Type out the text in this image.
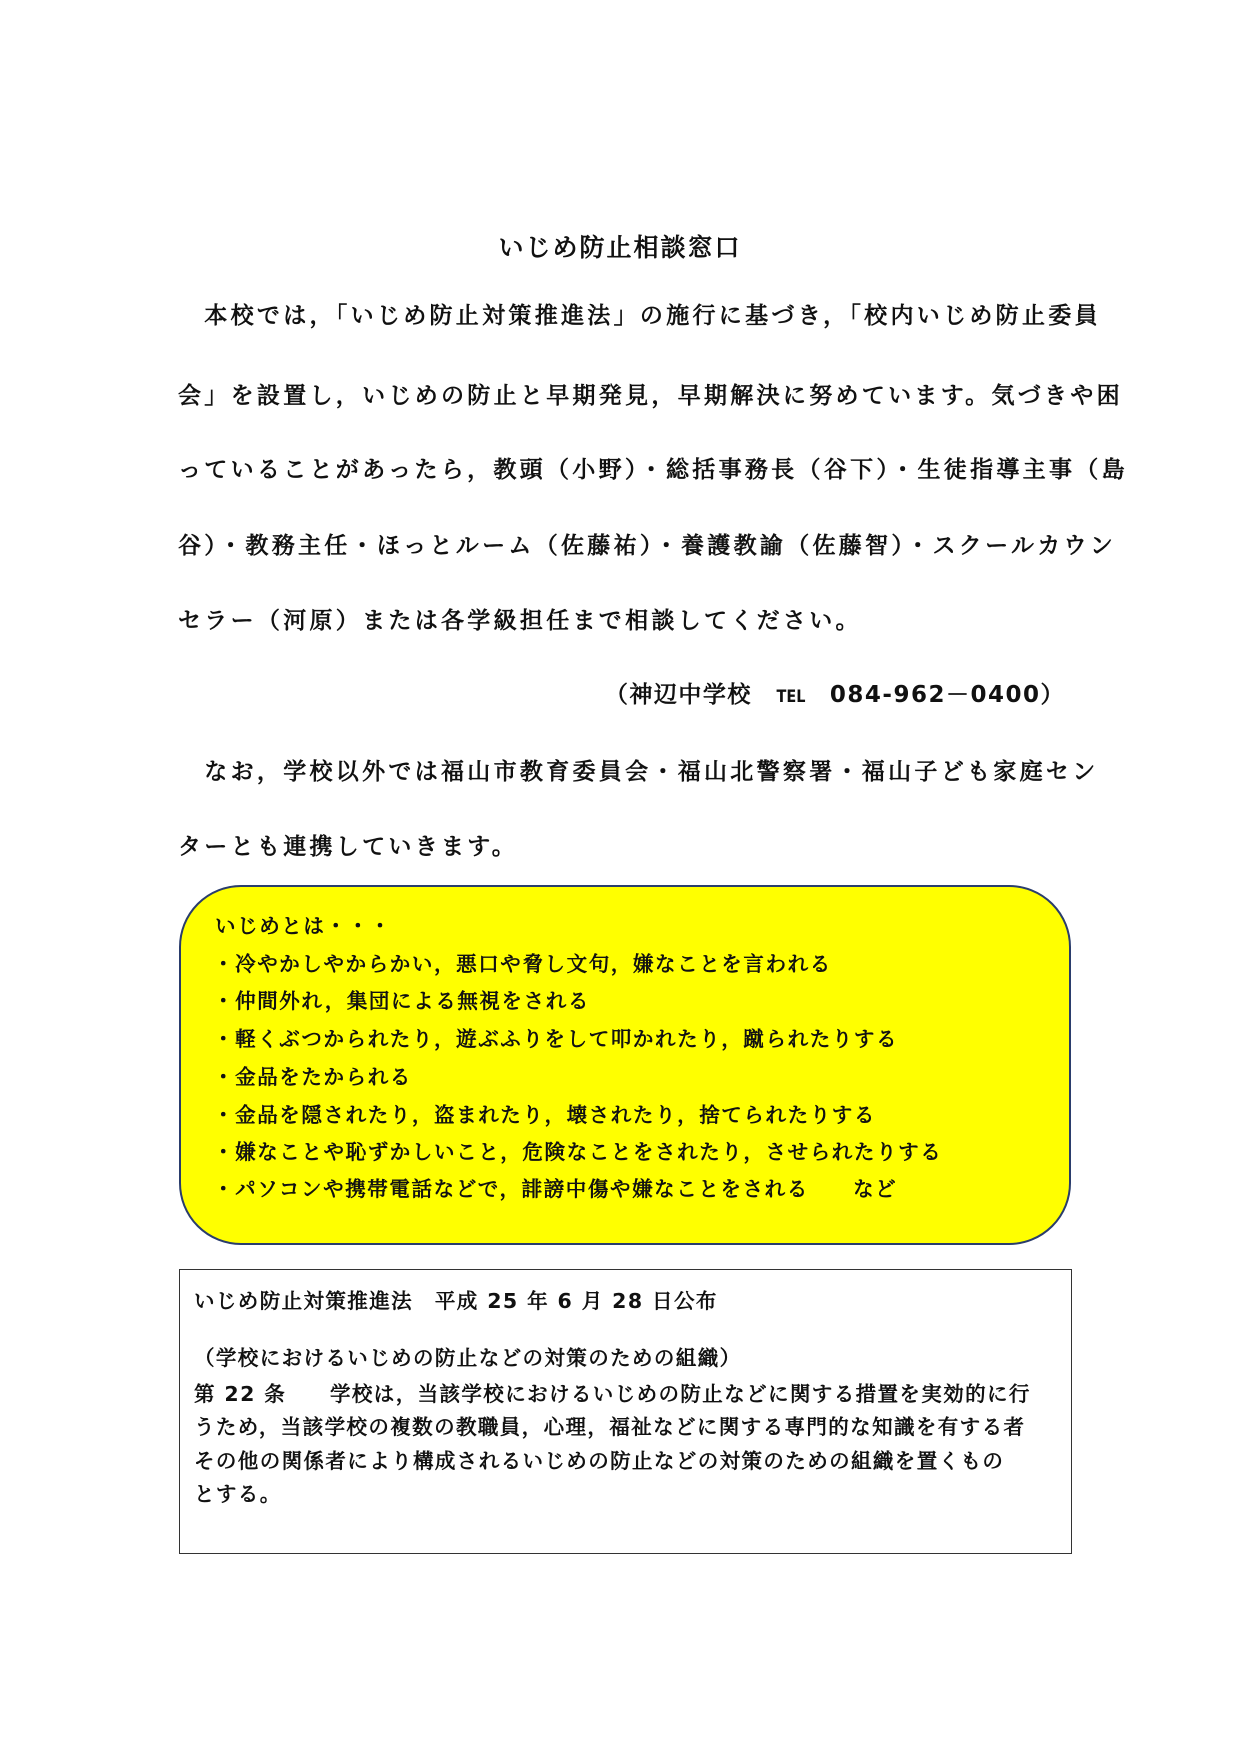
いじめ防止相談窓口
　本校では，「いじめ防止対策推進法」の施行に基づき，「校内いじめ防止委員
会」を設置し，いじめの防止と早期発見，早期解決に努めています。気づきや困
っていることがあったら，教頭（小野）・総括事務長（谷下）・生徒指導主事（島
谷）・教務主任・ほっとルーム（佐藤祐）・養護教諭（佐藤智）・スクールカウン
セラー（河原）または各学級担任まで相談してください。
（神辺中学校 TEL 084-962－0400）
　なお，学校以外では福山市教育委員会・福山北警察署・福山子ども家庭セン
ターとも連携していきます。
いじめとは・・・
・冷やかしやからかい，悪口や脅し文句，嫌なことを言われる
・仲間外れ，集団による無視をされる
・軽くぶつかられたり，遊ぶふりをして叩かれたり，蹴られたりする
・金品をたかられる
・金品を隠されたり，盗まれたり，壊されたり，捨てられたりする
・嫌なことや恥ずかしいこと，危険なことをされたり，させられたりする
・パソコンや携帯電話などで，誹謗中傷や嫌なことをされる　　など
いじめ防止対策推進法　平成 25 年 6 月 28 日公布
（学校におけるいじめの防止などの対策のための組織）
第 22 条 学校は，当該学校におけるいじめの防止などに関する措置を実効的に行
うため，当該学校の複数の教職員，心理，福祉などに関する専門的な知識を有する者
その他の関係者により構成されるいじめの防止などの対策のための組織を置くもの
とする。
